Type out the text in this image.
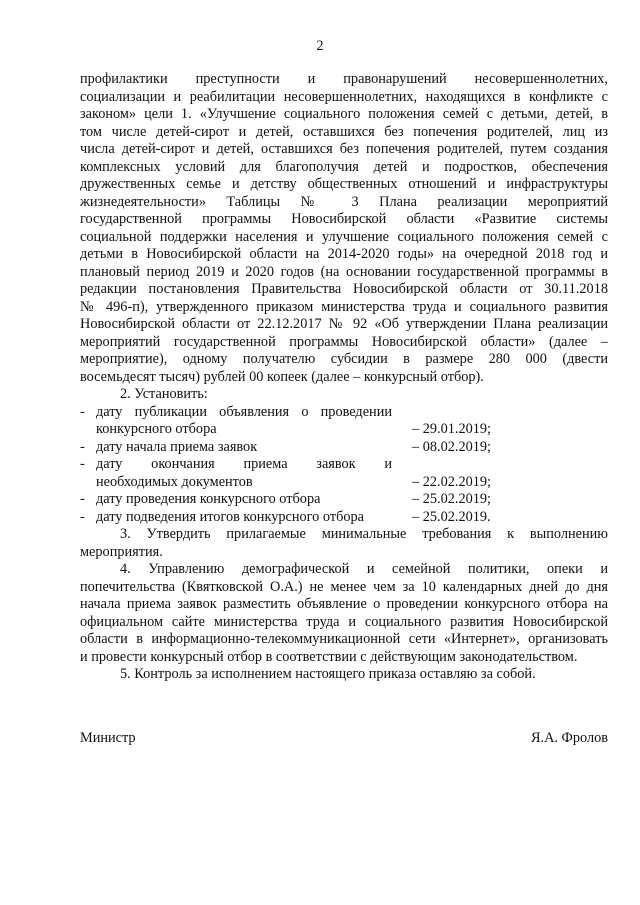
2
профилактики преступности и правонарушений несовершеннолетних,
социализации и реабилитации несовершеннолетних, находящихся в конфликте с
законом» цели 1. «Улучшение социального положения семей с детьми, детей, в
том числе детей-сирот и детей, оставшихся без попечения родителей, лиц из
числа детей-сирот и детей, оставшихся без попечения родителей, путем создания
комплексных условий для благополучия детей и подростков, обеспечения
дружественных семье и детству общественных отношений и инфраструктуры
жизнедеятельности» Таблицы № 3 Плана реализации мероприятий
государственной программы Новосибирской области «Развитие системы
социальной поддержки населения и улучшение социального положения семей с
детьми в Новосибирской области на 2014-2020 годы» на очередной 2018 год и
плановый период 2019 и 2020 годов (на основании государственной программы в
редакции постановления Правительства Новосибирской области от 30.11.2018
№ 496-п), утвержденного приказом министерства труда и социального развития
Новосибирской области от 22.12.2017 № 92 «Об утверждении Плана реализации
мероприятий государственной программы Новосибирской области» (далее –
мероприятие), одному получателю субсидии в размере 280 000 (двести
восемьдесят тысяч) рублей 00 копеек (далее – конкурсный отбор).
2. Установить:
- дату публикации объявления о проведении
конкурсного отбора	– 29.01.2019;
- дату начала приема заявок	– 08.02.2019;
- дату окончания приема заявок и
необходимых документов	– 22.02.2019;
- дату проведения конкурсного отбора	– 25.02.2019;
- дату подведения итогов конкурсного отбора	– 25.02.2019.
3. Утвердить прилагаемые минимальные требования к выполнению
мероприятия.
4. Управлению демографической и семейной политики, опеки и
попечительства (Квятковской О.А.) не менее чем за 10 календарных дней до дня
начала приема заявок разместить объявление о проведении конкурсного отбора на
официальном сайте министерства труда и социального развития Новосибирской
области в информационно-телекоммуникационной сети «Интернет», организовать
и провести конкурсный отбор в соответствии с действующим законодательством.
5. Контроль за исполнением настоящего приказа оставляю за собой.
Министр	Я.А. Фролов
